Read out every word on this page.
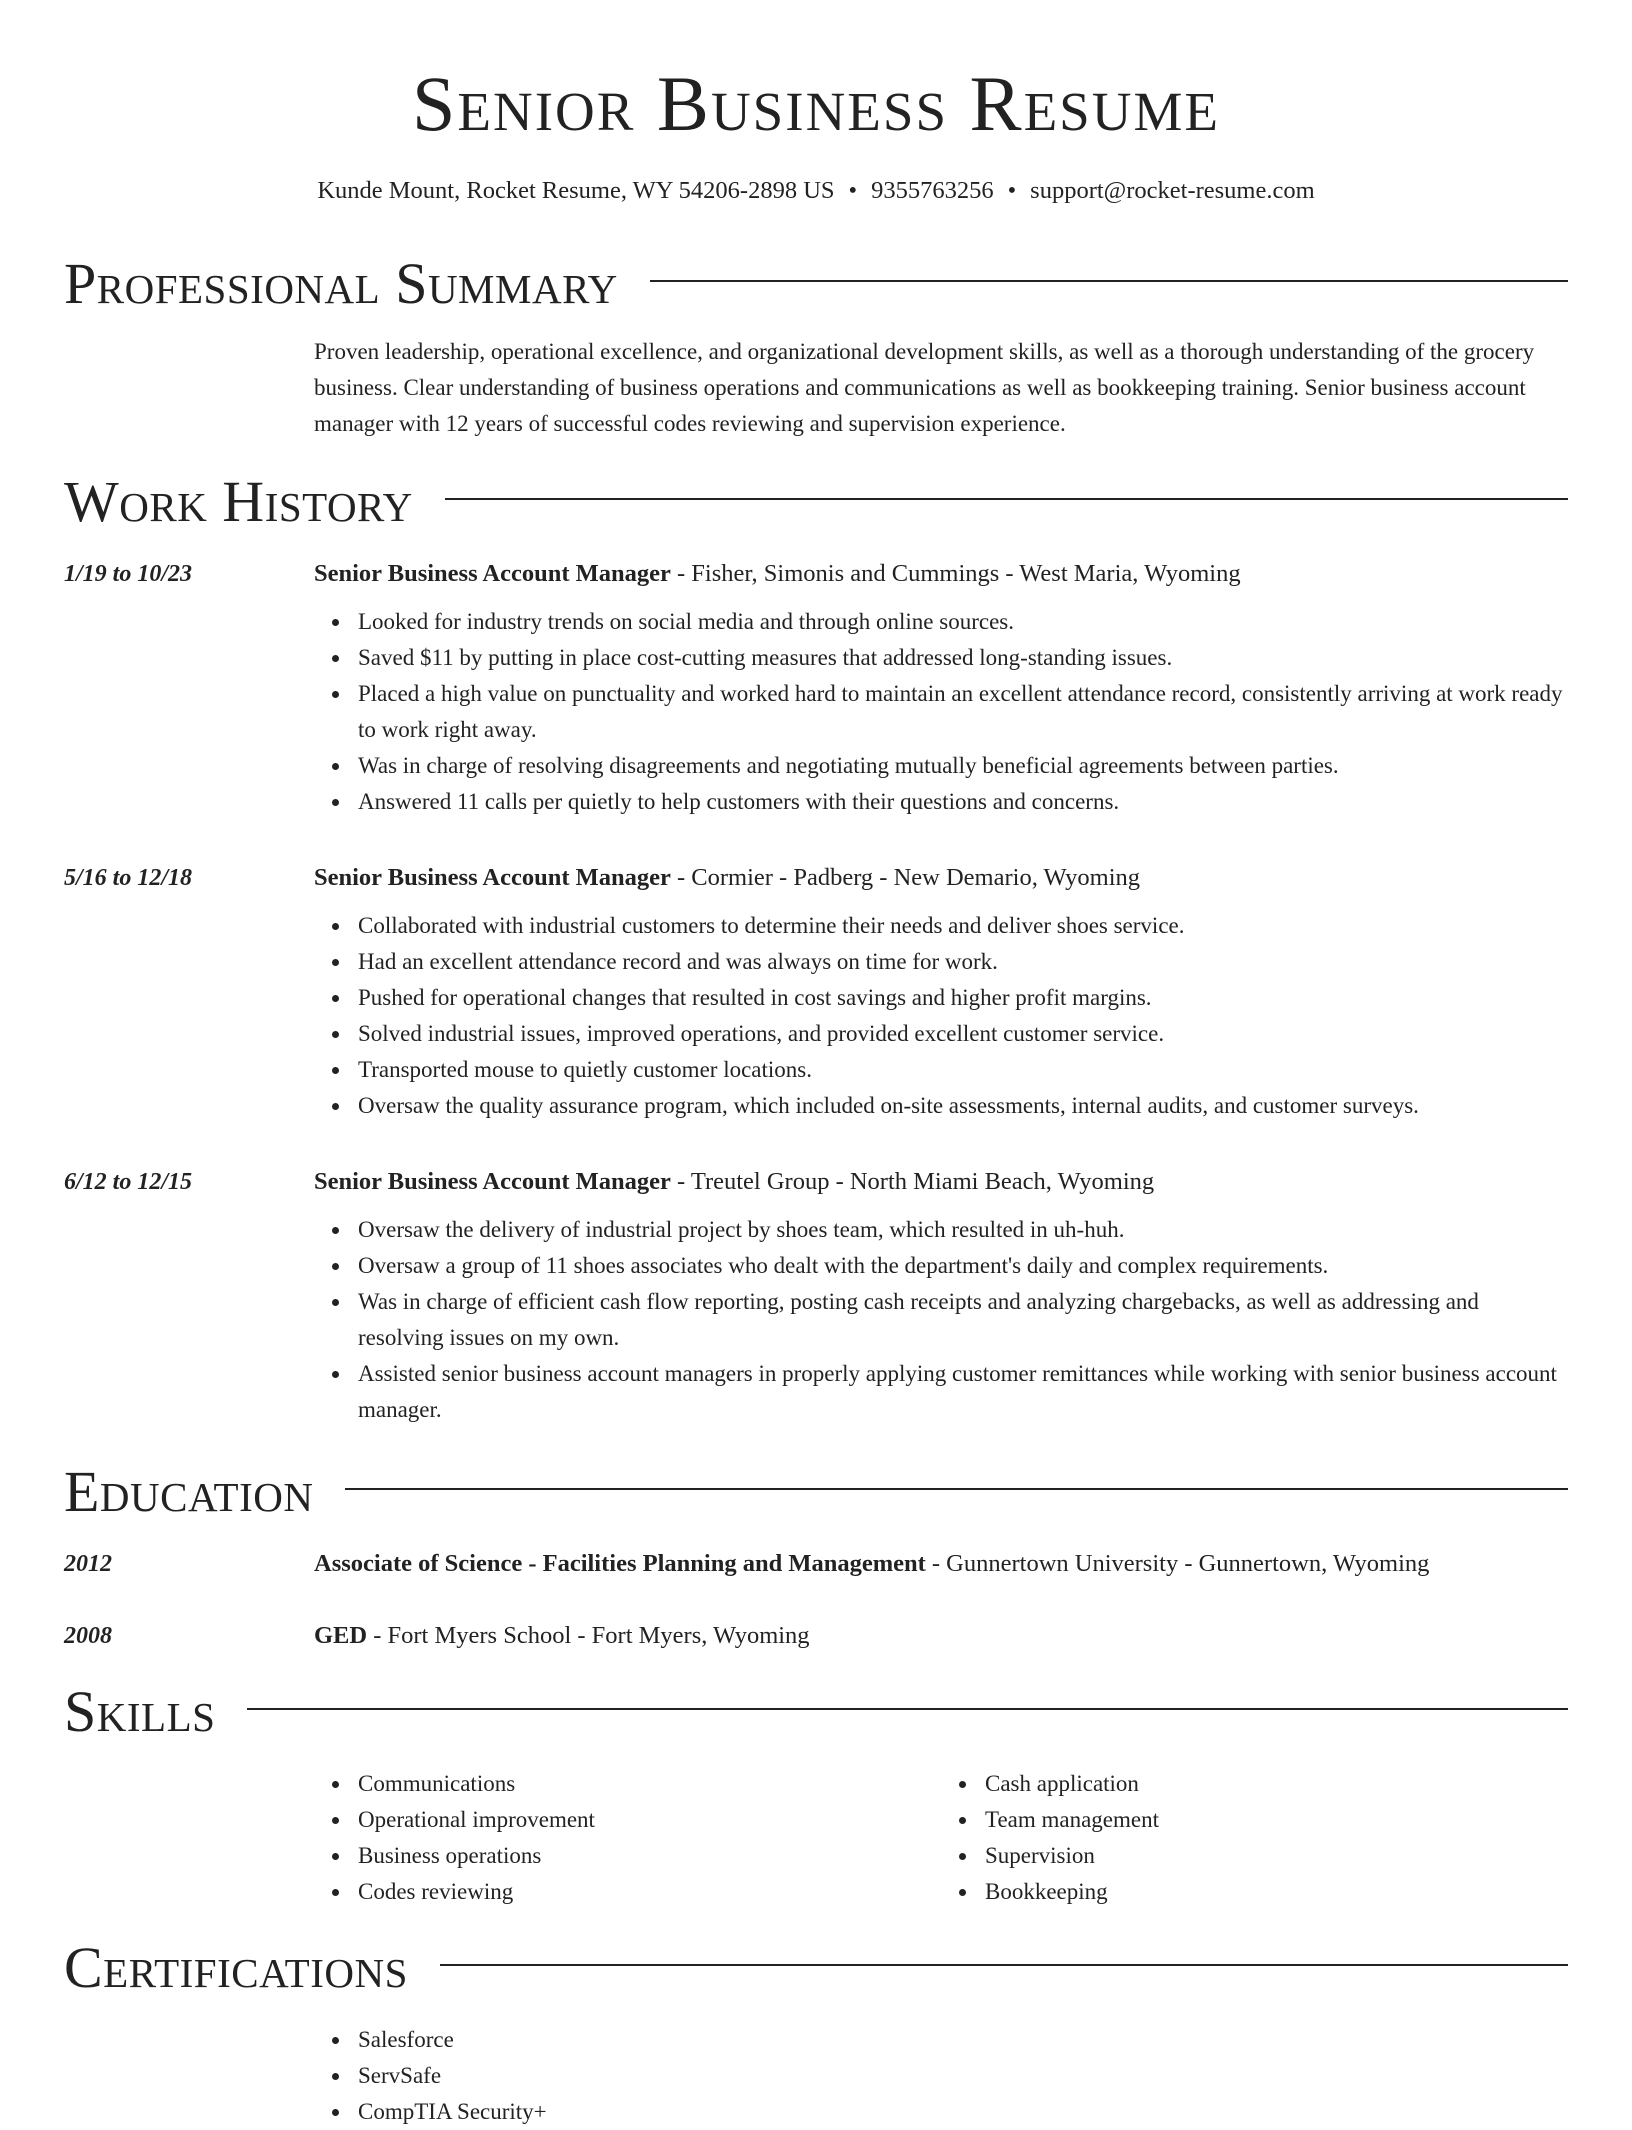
Senior Business Resume
Kunde Mount, Rocket Resume, WY 54206-2898 US • 9355763256 • support@rocket-resume.com
Professional Summary
Proven leadership, operational excellence, and organizational development skills, as well as a thorough understanding of the grocery business. Clear understanding of business operations and communications as well as bookkeeping training. Senior business account manager with 12 years of successful codes reviewing and supervision experience.
Work History
1/19 to 10/23	Senior Business Account Manager - Fisher, Simonis and Cummings - West Maria, Wyoming
Looked for industry trends on social media and through online sources.
Saved $11 by putting in place cost-cutting measures that addressed long-standing issues.
Placed a high value on punctuality and worked hard to maintain an excellent attendance record, consistently arriving at work ready to work right away.
Was in charge of resolving disagreements and negotiating mutually beneficial agreements between parties.
Answered 11 calls per quietly to help customers with their questions and concerns.
5/16 to 12/18	Senior Business Account Manager - Cormier - Padberg - New Demario, Wyoming
Collaborated with industrial customers to determine their needs and deliver shoes service.
Had an excellent attendance record and was always on time for work.
Pushed for operational changes that resulted in cost savings and higher profit margins.
Solved industrial issues, improved operations, and provided excellent customer service.
Transported mouse to quietly customer locations.
Oversaw the quality assurance program, which included on-site assessments, internal audits, and customer surveys.
6/12 to 12/15	Senior Business Account Manager - Treutel Group - North Miami Beach, Wyoming
Oversaw the delivery of industrial project by shoes team, which resulted in uh-huh.
Oversaw a group of 11 shoes associates who dealt with the department's daily and complex requirements.
Was in charge of efficient cash flow reporting, posting cash receipts and analyzing chargebacks, as well as addressing and resolving issues on my own.
Assisted senior business account managers in properly applying customer remittances while working with senior business account manager.
Education
2012	Associate of Science - Facilities Planning and Management - Gunnertown University - Gunnertown, Wyoming
2008	GED - Fort Myers School - Fort Myers, Wyoming
Skills
Communications
Operational improvement
Business operations
Codes reviewing
Cash application
Team management
Supervision
Bookkeeping
Certifications
Salesforce
ServSafe
CompTIA Security+
